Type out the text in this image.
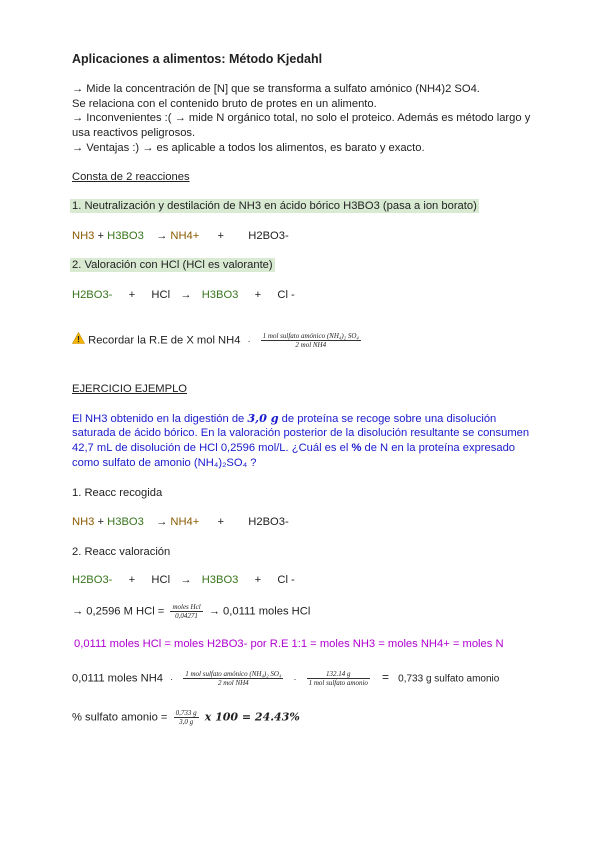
Aplicaciones a alimentos: Método Kjedahl
→ Mide la concentración de [N] que se transforma a sulfato amónico (NH4)2 SO4.
Se relaciona con el contenido bruto de protes en un alimento.
→ Inconvenientes :( → mide N orgánico total, no solo el proteico. Además es método largo y
usa reactivos peligrosos.
→ Ventajas :) → es aplicable a todos los alimentos, es barato y exacto.
Consta de 2 reacciones
1. Neutralización y destilación de NH3 en ácido bórico H3BO3 (pasa a ion borato)
NH3 + H3BO3 → NH4+ + H2BO3-
2. Valoración con HCl (HCl es valorante)
H2BO3- + HCl → H3BO3 + Cl -
Recordar la R.E de X mol $NH4 \cdot \frac{\text{1 mol sulfato amónico (NH₄)₂ SO₄}}{\text{2 mol NH4}}$
EJERCICIO EJEMPLO
El NH3 obtenido en la digestión de 3,0 g de proteína se recoge sobre una disolución
saturada de ácido bórico. En la valoración posterior de la disolución resultante se consumen
42,7 mL de disolución de HCl 0,2596 mol/L. ¿Cuál es el % de N en la proteína expresado
como sulfato de amonio (NH₄)₂SO₄ ?
1. Reacc recogida
NH3 + H3BO3 → NH4+ + H2BO3-
2. Reacc valoración
H2BO3- + HCl → H3BO3 + Cl -
→ 0,2596 M HCl = $\frac{\text{moles Hcl}}{0,04271} \to 0,0111$ moles HCl
0,0111 moles HCl = moles H2BO3- por R.E 1:1 = moles NH3 = moles NH4+ = moles N
0,0111 moles $NH4 \cdot \frac{\text{1 mol sulfato amónico (NH₄)₂ SO₄}}{\text{2 mol NH4}} \cdot \frac{132.14 g}{\text{1 mol sulfato amonio}} = 0,733$ g sulfato amonio
% sulfato amonio = $\frac{0,733 g}{3,0 g}$ x 100 = 24.43%
